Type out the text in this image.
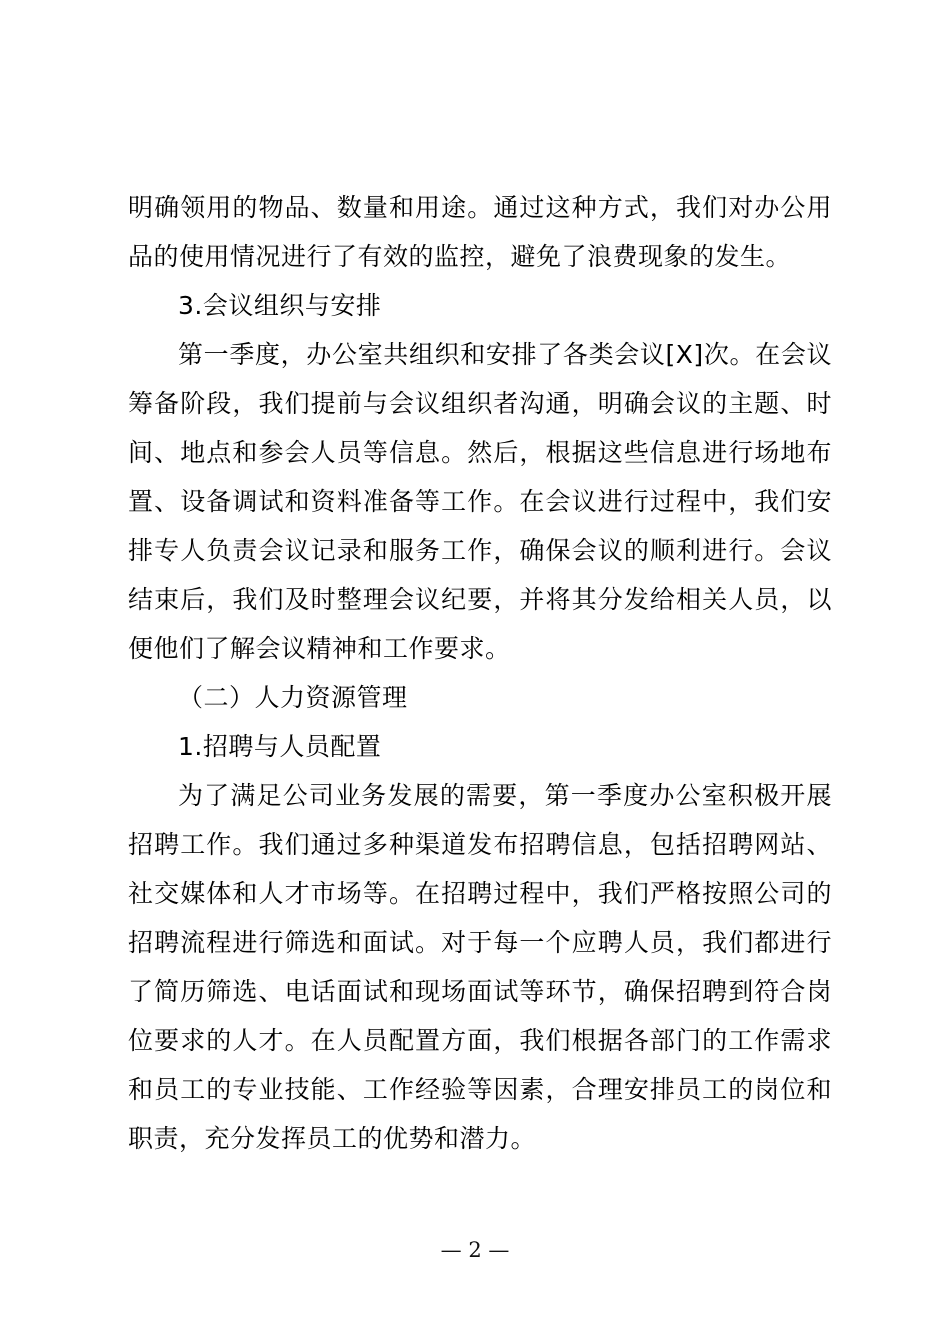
明确领用的物品、数量和用途。通过这种方式，我们对办公用品的使用情况进行了有效的监控，避免了浪费现象的发生。

3.会议组织与安排

第一季度，办公室共组织和安排了各类会议[X]次。在会议筹备阶段，我们提前与会议组织者沟通，明确会议的主题、时间、地点和参会人员等信息。然后，根据这些信息进行场地布置、设备调试和资料准备等工作。在会议进行过程中，我们安排专人负责会议记录和服务工作，确保会议的顺利进行。会议结束后，我们及时整理会议纪要，并将其分发给相关人员，以便他们了解会议精神和工作要求。

（二）人力资源管理

1.招聘与人员配置

为了满足公司业务发展的需要，第一季度办公室积极开展招聘工作。我们通过多种渠道发布招聘信息，包括招聘网站、社交媒体和人才市场等。在招聘过程中，我们严格按照公司的招聘流程进行筛选和面试。对于每一个应聘人员，我们都进行了简历筛选、电话面试和现场面试等环节，确保招聘到符合岗位要求的人才。在人员配置方面，我们根据各部门的工作需求和员工的专业技能、工作经验等因素，合理安排员工的岗位和职责，充分发挥员工的优势和潜力。

— 2 —
